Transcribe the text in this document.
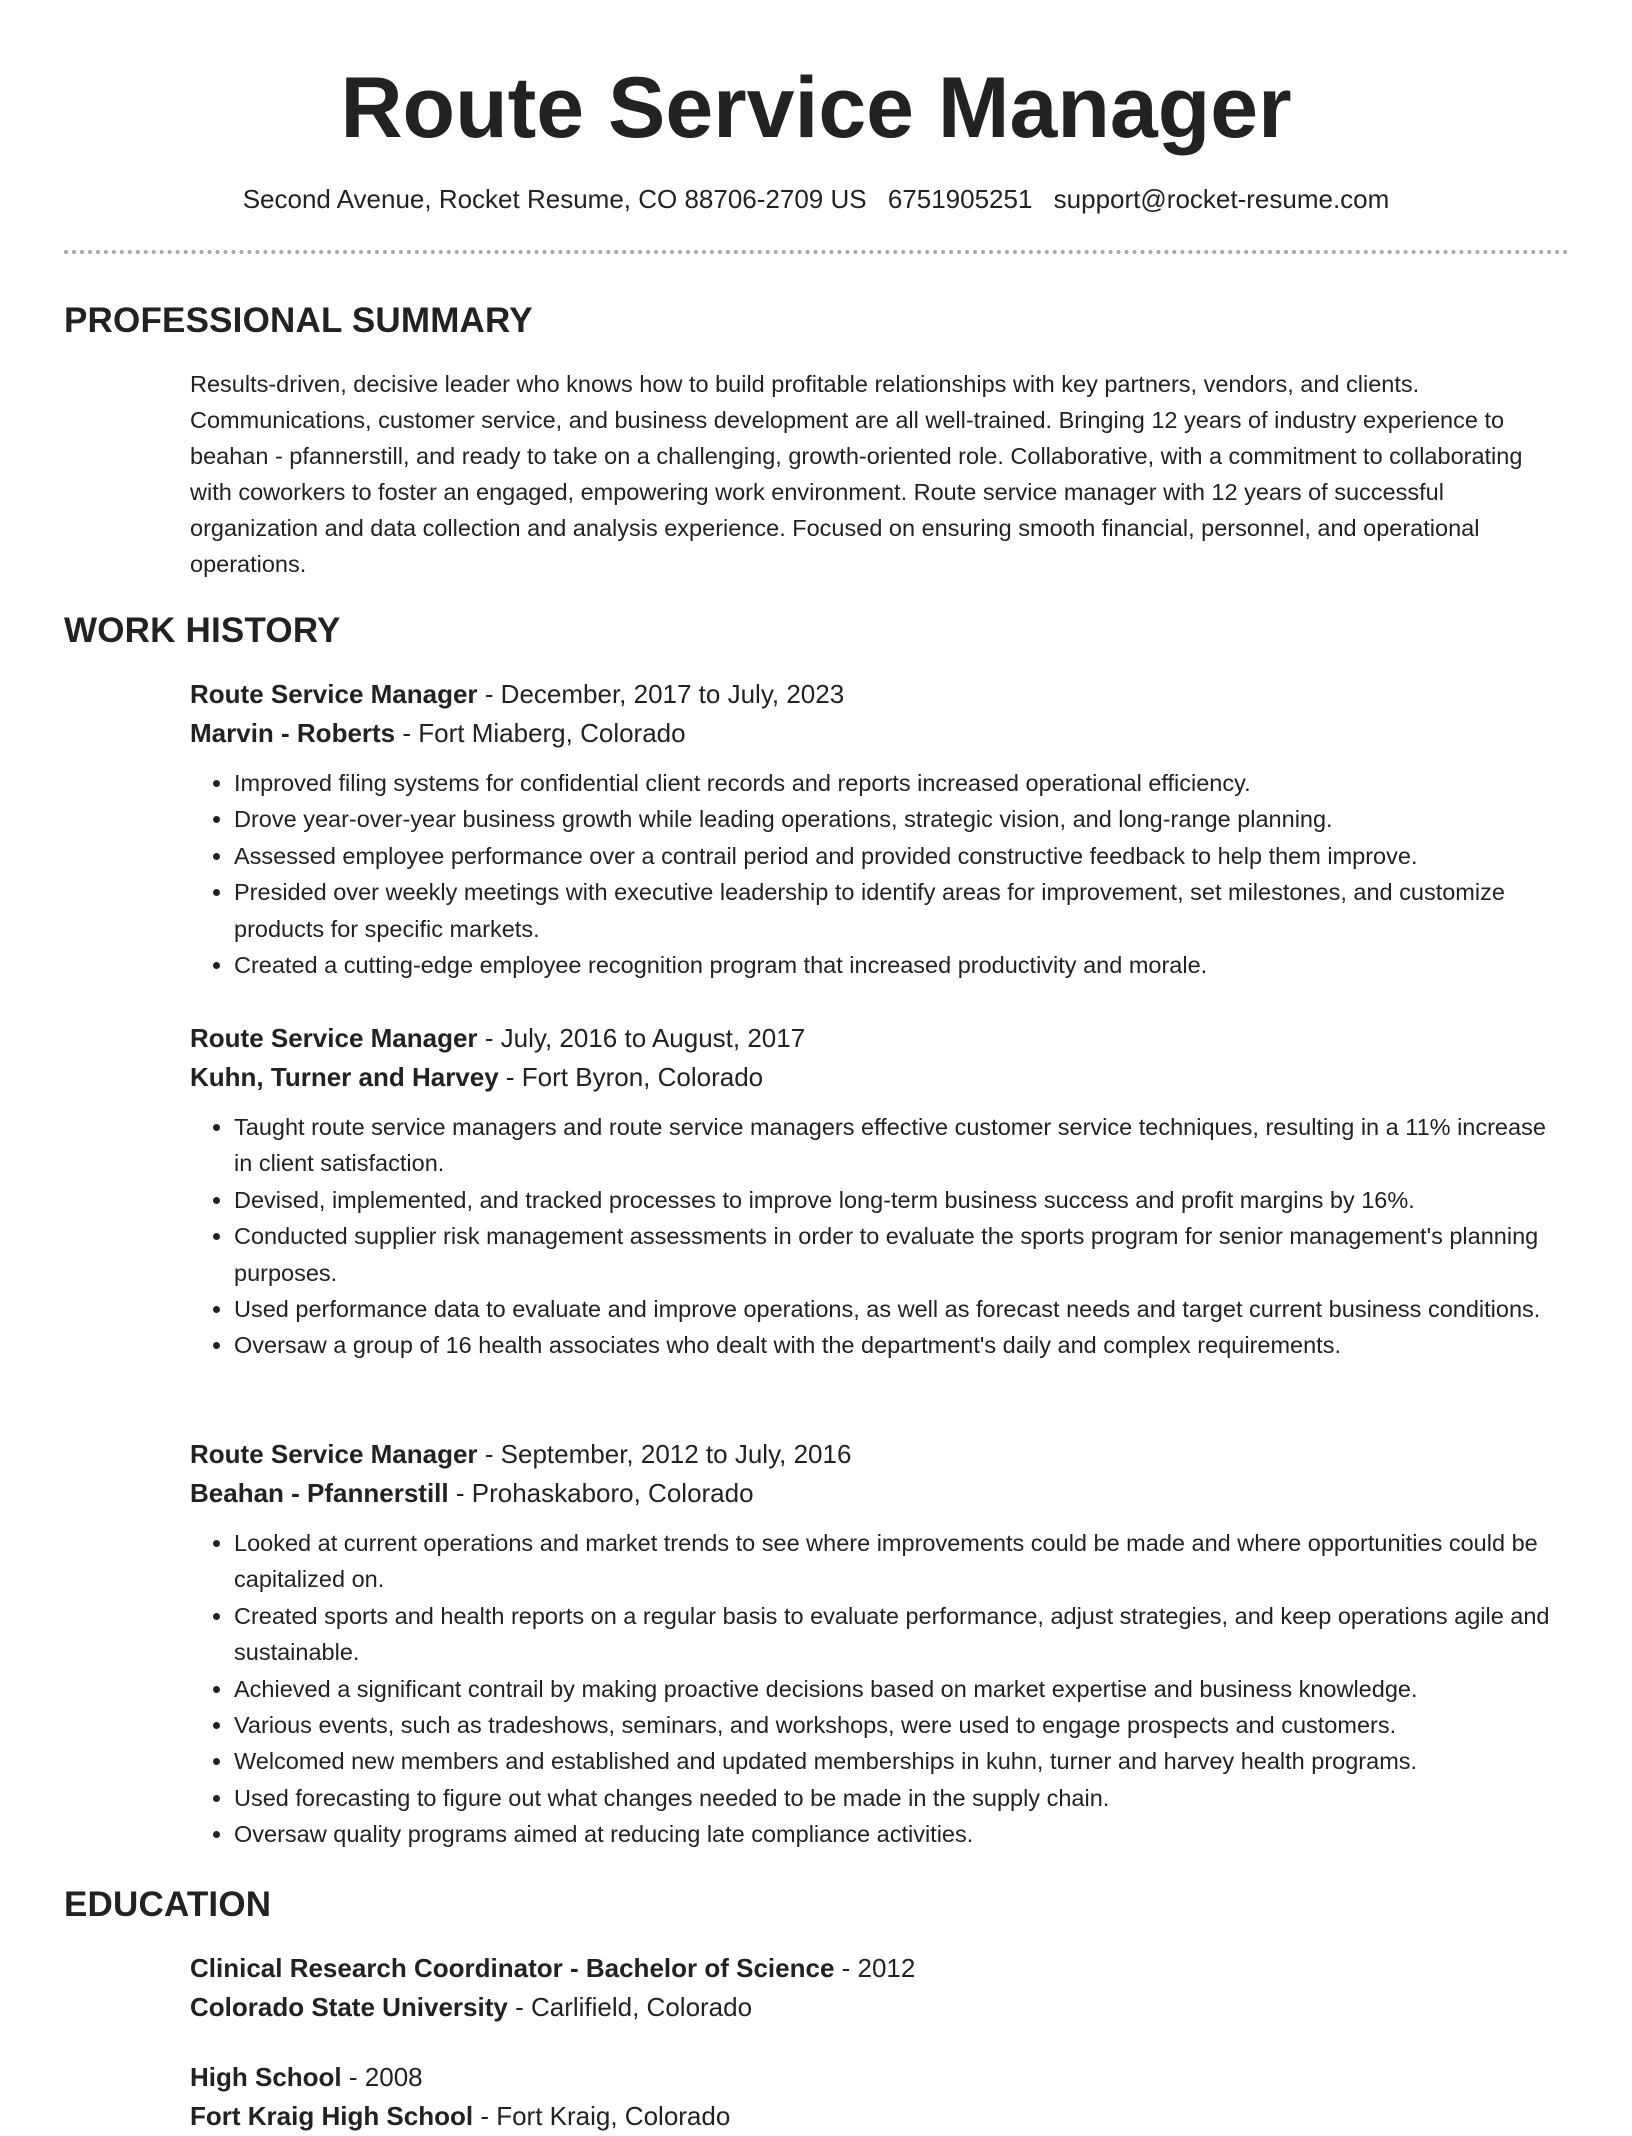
Route Service Manager
Second Avenue, Rocket Resume, CO 88706-2709 US 6751905251 support@rocket-resume.com
PROFESSIONAL SUMMARY

Results-driven, decisive leader who knows how to build profitable relationships with key partners, vendors, and clients. Communications, customer service, and business development are all well-trained. Bringing 12 years of industry experience to beahan - pfannerstill, and ready to take on a challenging, growth-oriented role. Collaborative, with a commitment to collaborating with coworkers to foster an engaged, empowering work environment. Route service manager with 12 years of successful organization and data collection and analysis experience. Focused on ensuring smooth financial, personnel, and operational operations.

WORK HISTORY
Route Service Manager - December, 2017 to July, 2023
Marvin - Roberts - Fort Miaberg, Colorado
• Improved filing systems for confidential client records and reports increased operational efficiency.
• Drove year-over-year business growth while leading operations, strategic vision, and long-range planning.
• Assessed employee performance over a contrail period and provided constructive feedback to help them improve.
• Presided over weekly meetings with executive leadership to identify areas for improvement, set milestones, and customize products for specific markets.
• Created a cutting-edge employee recognition program that increased productivity and morale.
Route Service Manager - July, 2016 to August, 2017
Kuhn, Turner and Harvey - Fort Byron, Colorado
• Taught route service managers and route service managers effective customer service techniques, resulting in a 11% increase in client satisfaction.
• Devised, implemented, and tracked processes to improve long-term business success and profit margins by 16%.
• Conducted supplier risk management assessments in order to evaluate the sports program for senior management's planning purposes.
• Used performance data to evaluate and improve operations, as well as forecast needs and target current business conditions.
• Oversaw a group of 16 health associates who dealt with the department's daily and complex requirements.
Route Service Manager - September, 2012 to July, 2016
Beahan - Pfannerstill - Prohaskaboro, Colorado
• Looked at current operations and market trends to see where improvements could be made and where opportunities could be capitalized on.
• Created sports and health reports on a regular basis to evaluate performance, adjust strategies, and keep operations agile and sustainable.
• Achieved a significant contrail by making proactive decisions based on market expertise and business knowledge.
• Various events, such as tradeshows, seminars, and workshops, were used to engage prospects and customers.
• Welcomed new members and established and updated memberships in kuhn, turner and harvey health programs.
• Used forecasting to figure out what changes needed to be made in the supply chain.
• Oversaw quality programs aimed at reducing late compliance activities.
EDUCATION
Clinical Research Coordinator - Bachelor of Science - 2012
Colorado State University - Carlifield, Colorado
High School - 2008
Fort Kraig High School - Fort Kraig, Colorado
